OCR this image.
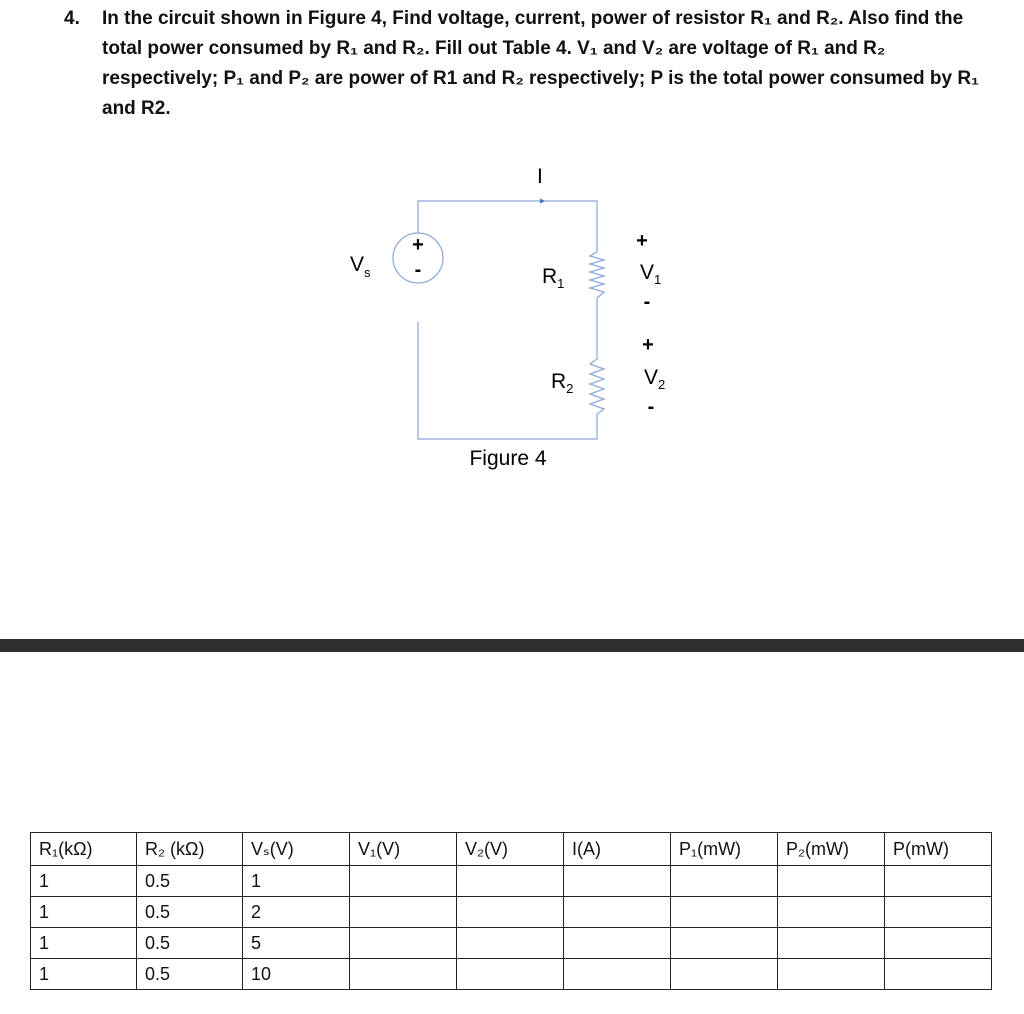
4. In the circuit shown in Figure 4, Find voltage, current, power of resistor R₁ and R₂. Also find the total power consumed by R₁ and R₂. Fill out Table 4. V₁ and V₂ are voltage of R₁ and R₂ respectively; P₁ and P₂ are power of R1 and R₂ respectively; P is the total power consumed by R₁ and R2.
I
+
-
$V_s$	$R_1$
$R_2$
+
$V_1$
-
+
$V_2$
-
Figure 4
R₁(kΩ)	R₂ (kΩ)	Vₛ(V)	V₁(V)	V₂(V)	I(A)	P₁(mW)	P₂(mW)	P(mW)
1	0.5	1						
1	0.5	2						
1	0.5	5						
1	0.5	10						
